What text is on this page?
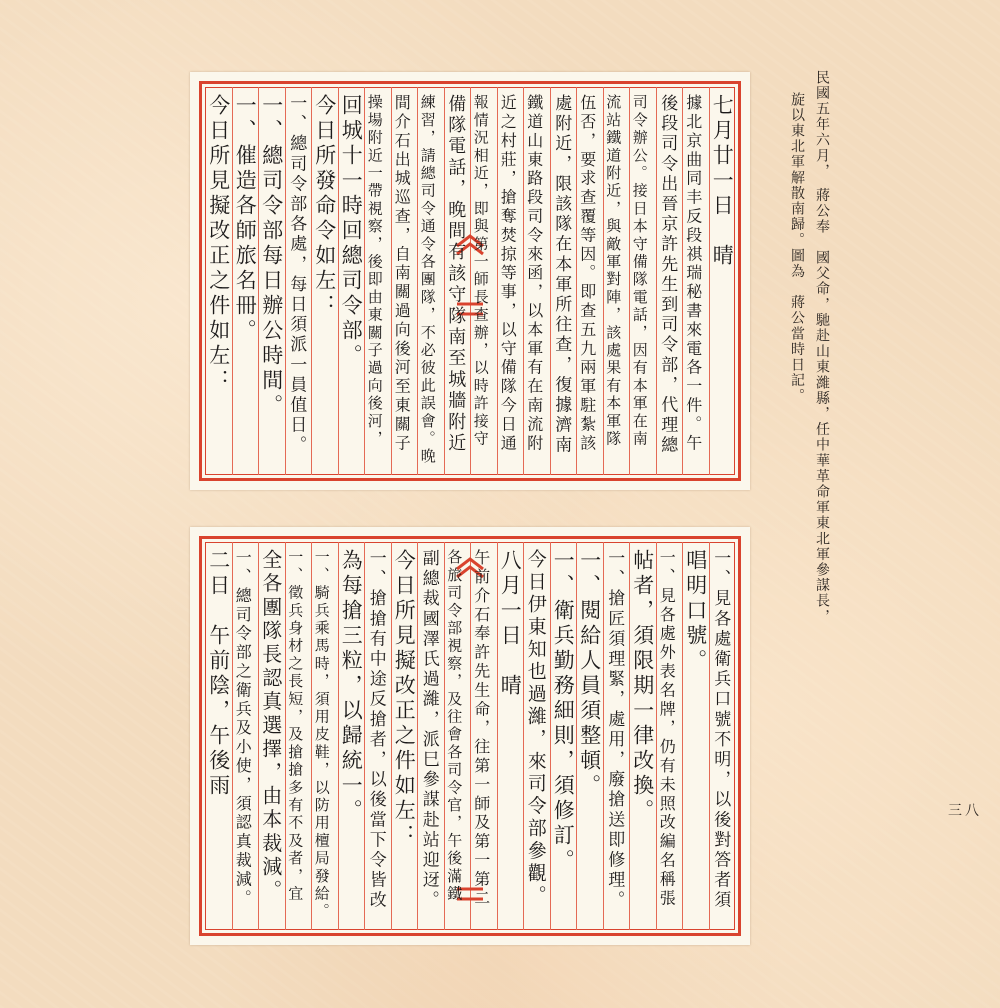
民國五年六月，　蔣公奉　國父命，馳赴山東濰縣，任中華革命軍東北軍參謀長，
旋以東北軍解散南歸。圖為　蔣公當時日記。
七月廿一日　晴
據北京曲同丰反段祺瑞秘書來電各一件。午
後段司令出晉京許先生到司令部，代理總
司令辦公。接日本守備隊電話，因有本軍在南
流站鐵道附近，與敵軍對陣，該處果有本軍隊
伍否，要求查覆等因。即查五九兩軍駐紮該
處附近，限該隊在本軍所往查，復據濟南
鐵道山東路段司令來函，以本軍有在南流附
近之村莊，搶奪焚掠等事，以守備隊今日通
報情況相近，即與第一師長查辦，以時許接守
備隊電話，晚間有該守隊南至城牆附近
練習，請總司令通令各團隊，不必彼此誤會。晚
間介石出城巡查，自南關過向後河至東關子
操場附近一帶視察，後即由東關子過向後河，
回城十一時回總司令部。
今日所發命令如左：
一、總司令部各處，每日須派一員值日。
一、總司令部每日辦公時間。
一、催造各師旅名冊。
今日所見擬改正之件如左：
一、見各處衛兵口號不明，以後對答者須
唱明口號。
一、見各處外表名牌，仍有未照改編名稱張
帖者，須限期一律改換。
一、搶匠須理緊，處用，廢搶送即修理。
一、閱給人員須整頓。
一、衛兵勤務細則，須修訂。
今日伊東知也過濰，來司令部參觀。
八月一日　晴
午前介石奉許先生命，往第一師及第一第二
各旅司令部視察，及往會各司令官，午後滿鐵
副總裁國澤氏過濰，派巳參謀赴站迎迓。
今日所見擬改正之件如左：
一、搶搶有中途反搶者，以後當下令皆改
為每搶三粒，以歸統一。
一、騎兵乘馬時，須用皮鞋，以防用檀局發給。
一、徵兵身材之長短，及搶搶多有不及者，宜
全各團隊長認真選擇，由本裁減。
一、總司令部之衛兵及小使，須認真裁減。
二日　午前陰，午後雨
三八
